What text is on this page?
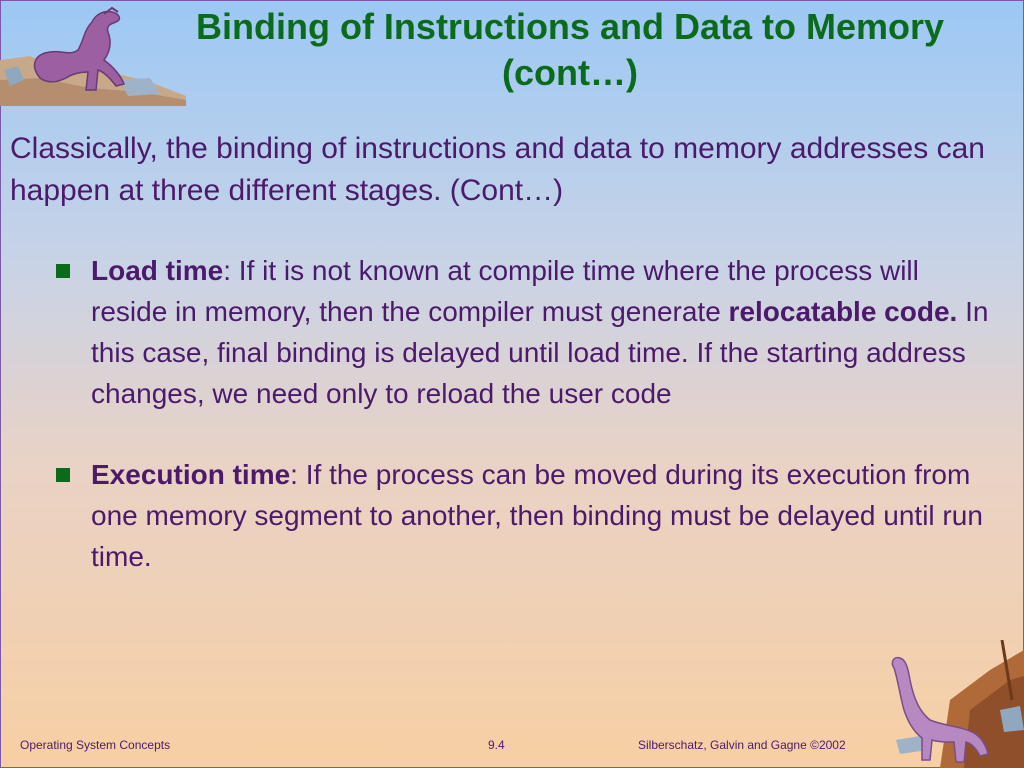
Binding of Instructions and Data to Memory
(cont…)
Classically, the binding of instructions and data to memory addresses can happen at three different stages. (Cont…)
Load time: If it is not known at compile time where the process will reside in memory, then the compiler must generate relocatable code. In this case, final binding is delayed until load time. If the starting address changes, we need only to reload the user code
Execution time: If the process can be moved during its execution from one memory segment to another, then binding must be delayed until run time.
Operating System Concepts	9.4	Silberschatz, Galvin and Gagne ©2002
